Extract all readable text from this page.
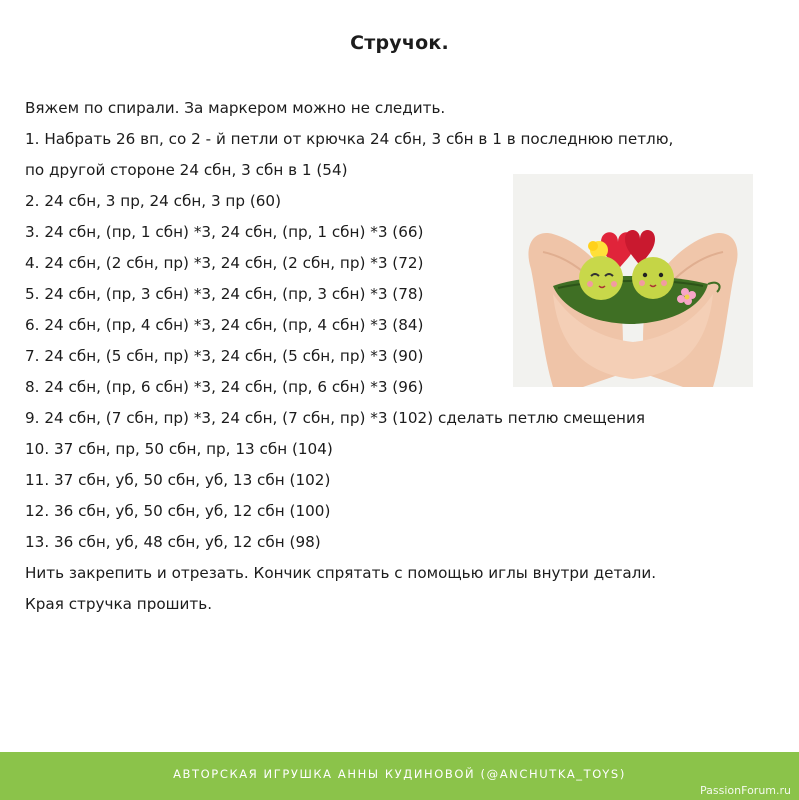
Стручок.
Вяжем по спирали. За маркером можно не следить.
1. Набрать 26 вп, со 2 - й петли от крючка 24 сбн, 3 сбн в 1 в последнюю петлю,
по другой стороне 24 сбн, 3 сбн в 1 (54)
2. 24 сбн, 3 пр, 24 сбн, 3 пр (60)
3. 24 сбн, (пр, 1 сбн) *3, 24 сбн, (пр, 1 сбн) *3 (66)
4. 24 сбн, (2 сбн, пр) *3, 24 сбн, (2 сбн, пр) *3 (72)
5. 24 сбн, (пр, 3 сбн) *3, 24 сбн, (пр, 3 сбн) *3 (78)
6. 24 сбн, (пр, 4 сбн) *3, 24 сбн, (пр, 4 сбн) *3 (84)
7. 24 сбн, (5 сбн, пр) *3, 24 сбн, (5 сбн, пр) *3 (90)
8. 24 сбн, (пр, 6 сбн) *3, 24 сбн, (пр, 6 сбн) *3 (96)
9. 24 сбн, (7 сбн, пр) *3, 24 сбн, (7 сбн, пр) *3 (102) сделать петлю смещения
10. 37 сбн, пр, 50 сбн, пр, 13 сбн (104)
11. 37 сбн, уб, 50 сбн, уб, 13 сбн (102)
12. 36 сбн, уб, 50 сбн, уб, 12 сбн (100)
13. 36 сбн, уб, 48 сбн, уб, 12 сбн (98)
Нить закрепить и отрезать. Кончик спрятать с помощью иглы внутри детали.
Края стручка прошить.
АВТОРСКАЯ ИГРУШКА АННЫ КУДИНОВОЙ (@ANCHUTKA_TOYS)
PassionForum.ru
